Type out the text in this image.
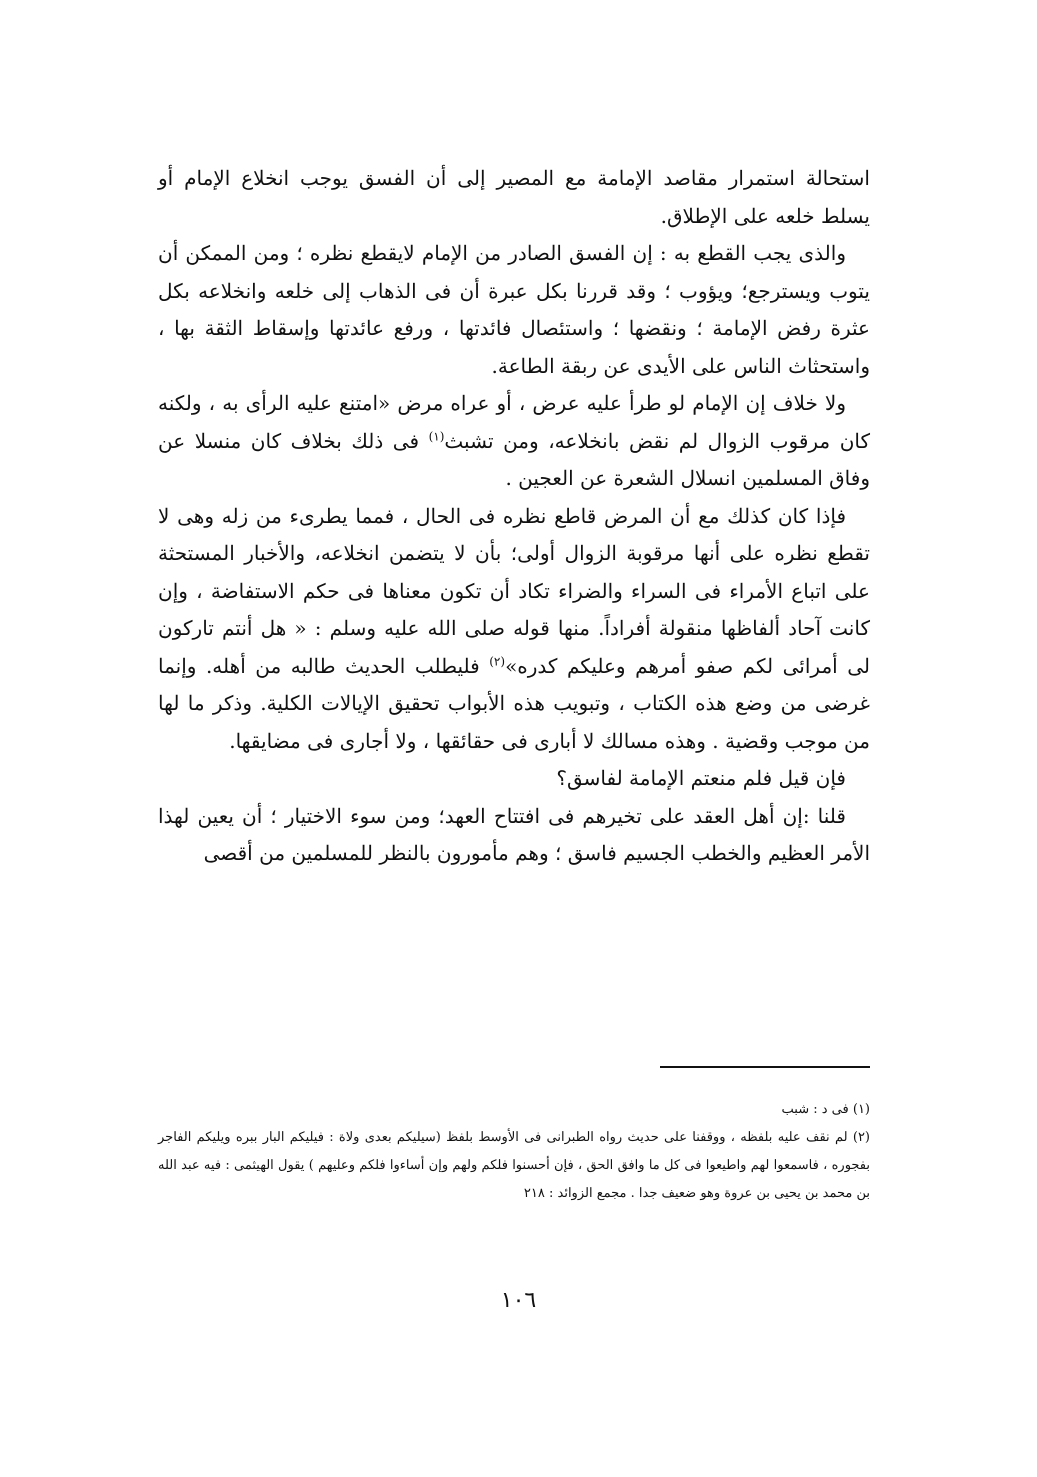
استحالة استمرار مقاصد الإمامة مع المصير إلى أن الفسق يوجب انخلاع الإمام أو يسلط خلعه على الإطلاق.

والذى يجب القطع به : إن الفسق الصادر من الإمام لايقطع نظره ؛ ومن الممكن أن يتوب ويسترجع؛ ويؤوب ؛ وقد قررنا بكل عبرة أن فى الذهاب إلى خلعه وانخلاعه بكل عثرة رفض الإمامة ؛ ونقضها ؛ واستئصال فائدتها ، ورفع عائدتها وإسقاط الثقة بها ، واستحثاث الناس على الأيدى عن ربقة الطاعة.

ولا خلاف إن الإمام لو طرأ عليه عرض ، أو عراه مرض «امتنع عليه الرأى به ، ولكنه كان مرقوب الزوال لم نقض بانخلاعه، ومن تشبث$^{(١)}$ فى ذلك بخلاف كان منسلا عن وفاق المسلمين انسلال الشعرة عن العجين .

فإذا كان كذلك مع أن المرض قاطع نظره فى الحال ، فمما يطرىء من زله وهى لا تقطع نظره على أنها مرقوبة الزوال أولى؛ بأن لا يتضمن انخلاعه، والأخبار المستحثة على اتباع الأمراء فى السراء والضراء تكاد أن تكون معناها فى حكم الاستفاضة ، وإن كانت آحاد ألفاظها منقولة أفراداً. منها قوله صلى الله عليه وسلم : « هل أنتم تاركون لى أمرائى لكم صفو أمرهم وعليكم كدره»$^{(٢)}$ فليطلب الحديث طالبه من أهله. وإنما غرضى من وضع هذه الكتاب ، وتبويب هذه الأبواب تحقيق الإيالات الكلية. وذكر ما لها من موجب وقضية . وهذه مسالك لا أبارى فى حقائقها ، ولا أجارى فى مضايقها.

فإن قيل فلم منعتم الإمامة لفاسق؟

قلنا :إن أهل العقد على تخيرهم فى افتتاح العهد؛ ومن سوء الاختيار ؛ أن يعين لهذا الأمر العظيم والخطب الجسيم فاسق ؛ وهم مأمورون بالنظر للمسلمين من أقصى

(١) فى د : شبب

(٢) لم نقف عليه بلفظه ، ووقفنا على حديث رواه الطبرانى فى الأوسط بلفظ (سيليكم بعدى ولاة : فيليكم البار ببره ويليكم الفاجر بفجوره ، فاسمعوا لهم واطيعوا فى كل ما وافق الحق ، فإن أحسنوا فلكم ولهم وإن أساءوا فلكم وعليهم ) يقول الهيثمى : فيه عبد الله بن محمد بن يحيى بن عروة وهو ضعيف جدا . مجمع الزوائد : ٢١٨

١٠٦
